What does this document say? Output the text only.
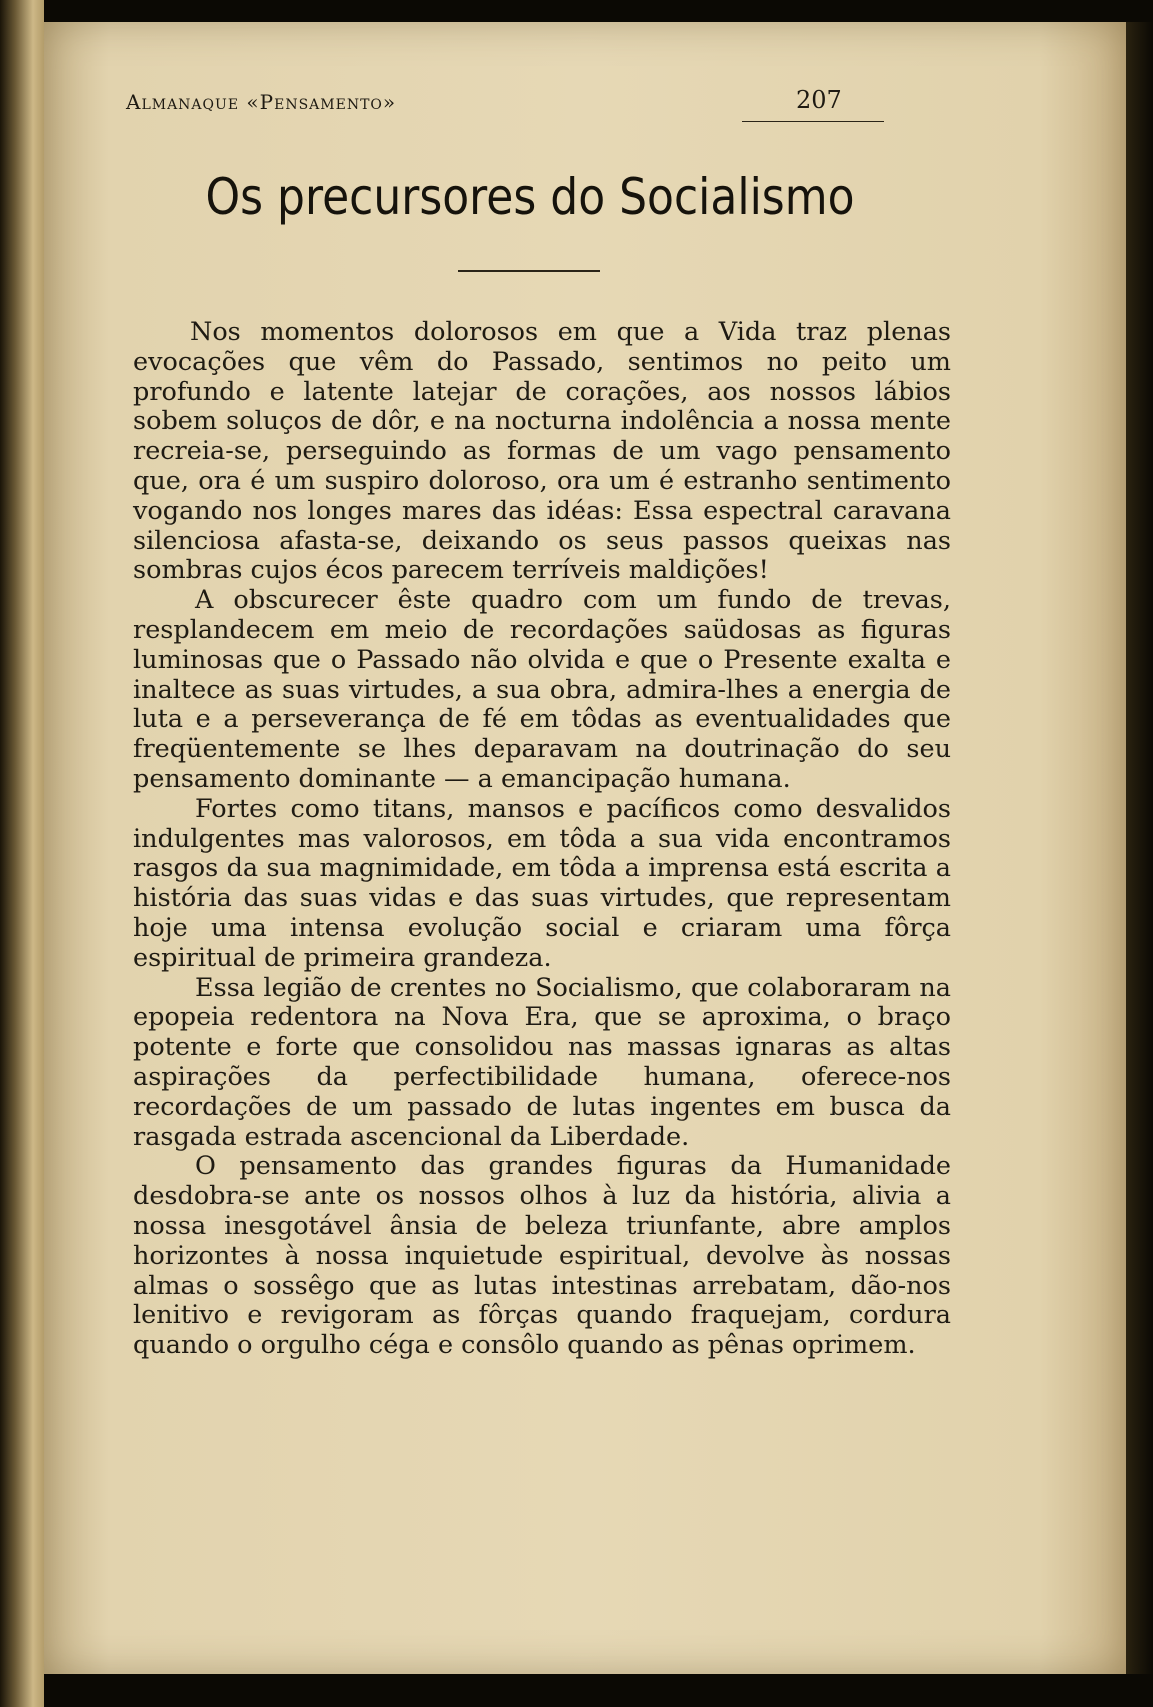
Almanaque «Pensamento»	207
Os precursores do Socialismo

Nos momentos dolorosos em que a Vida traz plenas evocações que vêm do Passado, sentimos no peito um profundo e latente latejar de corações, aos nossos lábios sobem soluços de dôr, e na nocturna indolência a nossa mente recreia-se, perseguindo as formas de um vago pensamento que, ora é um suspiro doloroso, ora um é estranho sentimento vogando nos longes mares das idéas: Essa espectral caravana silenciosa afasta-se, deixando os seus passos queixas nas sombras cujos écos parecem terríveis maldições!

A obscurecer êste quadro com um fundo de trevas, resplandecem em meio de recordações saüdosas as figuras luminosas que o Passado não olvida e que o Presente exalta e inaltece as suas virtudes, a sua obra, admira-lhes a energia de luta e a perseverança de fé em tôdas as eventualidades que freqüentemente se lhes deparavam na doutrinação do seu pensamento dominante — a emancipação humana.

Fortes como titans, mansos e pacíficos como desvalidos indulgentes mas valorosos, em tôda a sua vida encontramos rasgos da sua magnimidade, em tôda a imprensa está escrita a história das suas vidas e das suas virtudes, que representam hoje uma intensa evolução social e criaram uma fôrça espiritual de primeira grandeza.

Essa legião de crentes no Socialismo, que colaboraram na epopeia redentora na Nova Era, que se aproxima, o braço potente e forte que consolidou nas massas ignaras as altas aspirações da perfectibilidade humana, oferece-nos recordações de um passado de lutas ingentes em busca da rasgada estrada ascencional da Liberdade.

O pensamento das grandes figuras da Humanidade desdobra-se ante os nossos olhos à luz da história, alivia a nossa inesgotável ânsia de beleza triunfante, abre amplos horizontes à nossa inquietude espiritual, devolve às nossas almas o sossêgo que as lutas intestinas arrebatam, dão-nos lenitivo e revigoram as fôrças quando fraquejam, cordura quando o orgulho céga e consôlo quando as pênas oprimem.
